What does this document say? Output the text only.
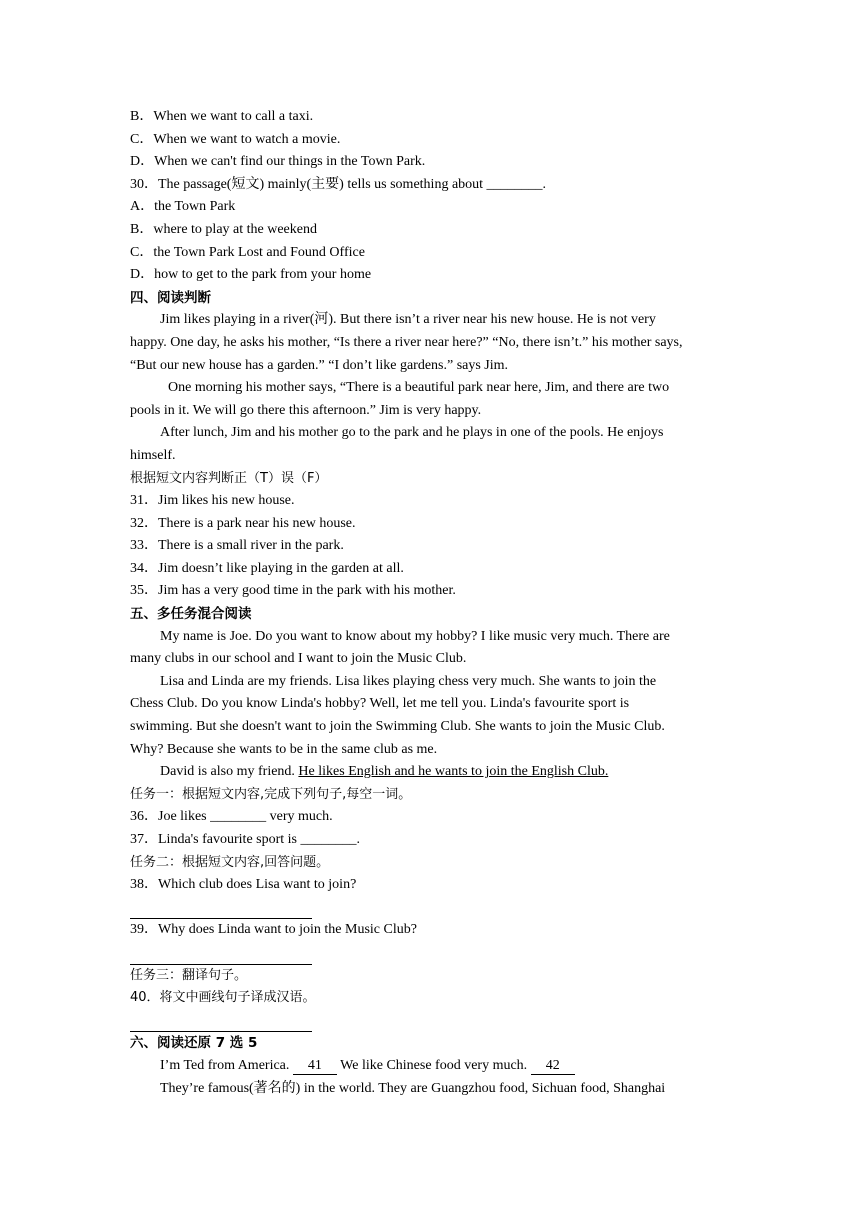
B．When we want to call a taxi.
C．When we want to watch a movie.
D．When we can't find our things in the Town Park.
30．The passage(短文) mainly(主要) tells us something about ________.
A．the Town Park
B．where to play at the weekend
C．the Town Park Lost and Found Office
D．how to get to the park from your home
四、阅读判断
Jim likes playing in a river(河). But there isn’t a river near his new house. He is not very
happy. One day, he asks his mother, “Is there a river near here?” “No, there isn’t.” his mother says,
“But our new house has a garden.” “I don’t like gardens.” says Jim.
One morning his mother says, “There is a beautiful park near here, Jim, and there are two
pools in it. We will go there this afternoon.” Jim is very happy.
After lunch, Jim and his mother go to the park and he plays in one of the pools. He enjoys
himself.
根据短文内容判断正（T）误（F）
31．Jim likes his new house.
32．There is a park near his new house.
33．There is a small river in the park.
34．Jim doesn’t like playing in the garden at all.
35．Jim has a very good time in the park with his mother.
五、多任务混合阅读
My name is Joe. Do you want to know about my hobby? I like music very much. There are
many clubs in our school and I want to join the Music Club.
Lisa and Linda are my friends. Lisa likes playing chess very much. She wants to join the
Chess Club. Do you know Linda's hobby? Well, let me tell you. Linda's favourite sport is
swimming. But she doesn't want to join the Swimming Club. She wants to join the Music Club.
Why? Because she wants to be in the same club as me.
David is also my friend. He likes English and he wants to join the English Club.
任务一：根据短文内容,完成下列句子,每空一词。
36．Joe likes ________ very much.
37．Linda's favourite sport is ________.
任务二：根据短文内容,回答问题。
38．Which club does Lisa want to join?
39．Why does Linda want to join the Music Club?
任务三：翻译句子。
40．将文中画线句子译成汉语。
六、阅读还原 7 选 5
I’m Ted from America. 41 We like Chinese food very much. 42
They’re famous(著名的) in the world. They are Guangzhou food, Sichuan food, Shanghai
